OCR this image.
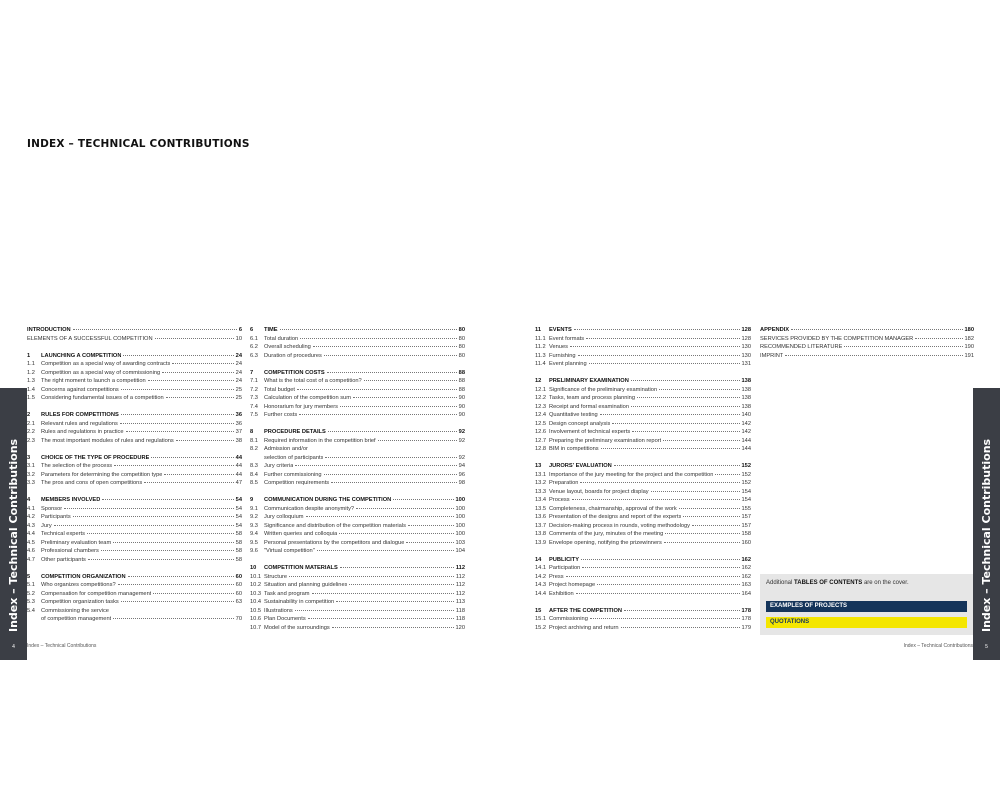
INDEX – TECHNICAL CONTRIBUTIONS
INTRODUCTION	6
ELEMENTS OF A SUCCESSFUL COMPETITION	10
1	LAUNCHING A COMPETITION	24
1.1	Competition as a special way of awarding contracts	24
1.2	Competition as a special way of commissioning	24
1.3	The right moment to launch a competition	24
1.4	Concerns against competitions	25
1.5	Considering fundamental issues of a competition	25
2	RULES FOR COMPETITIONS	36
2.1	Relevant rules and regulations	36
2.2	Rules and regulations in practice	37
2.3	The most important modules of rules and regulations	38
3	CHOICE OF THE TYPE OF PROCEDURE	44
3.1	The selection of the process	44
3.2	Parameters for determining the competition type	44
3.3	The pros and cons of open competitions	47
4	MEMBERS INVOLVED	54
4.1	Sponsor	54
4.2	Participants	54
4.3	Jury	54
4.4	Technical experts	58
4.5	Preliminary evaluation team	58
4.6	Professional chambers	58
4.7	Other participants	58
5	COMPETITION ORGANIZATION	60
5.1	Who organizes competitions?	60
5.2	Compensation for competition management	60
5.3	Competition organization tasks	63
5.4	Commissioning the service
of competition management	70
6	TIME	80
6.1	Total duration	80
6.2	Overall scheduling	80
6.3	Duration of procedures	80
7	COMPETITION COSTS	88
7.1	What is the total cost of a competition?	88
7.2	Total budget	88
7.3	Calculation of the competition sum	90
7.4	Honorarium for jury members	90
7.5	Further costs	90
8	PROCEDURE DETAILS	92
8.1	Required information in the competition brief	92
8.2	Admission and/or
selection of participants	92
8.3	Jury criteria	94
8.4	Further commissioning	96
8.5	Competition requirements	98
9	COMMUNICATION DURING THE COMPETITION	100
9.1	Communication despite anonymity?	100
9.2	Jury colloquium	100
9.3	Significance and distribution of the competition materials	100
9.4	Written queries and colloquia	100
9.5	Personal presentations by the competitors and dialogue	103
9.6	"Virtual competition"	104
10	COMPETITION MATERIALS	112
10.1 Structure	112
10.2 Situation and planning guidelines	112
10.3 Task and program	112
10.4 Sustainability in competition	113
10.5 Illustrations	118
10.6 Plan Documents	118
10.7 Model of the surroundings	120
11	EVENTS	128
11.1 Event formats	128
11.2 Venues	130
11.3 Furnishing	130
11.4 Event planning	131
12	PRELIMINARY EXAMINATION	138
12.1 Significance of the preliminary examination	138
12.2 Tasks, team and process planning	138
12.3 Receipt and formal examination	138
12.4 Quantitative testing	140
12.5 Design concept analysis	142
12.6 Involvement of technical experts	142
12.7 Preparing the preliminary examination report	144
12.8 BIM in competitions	144
13	JURORS' EVALUATION	152
13.1 Importance of the jury meeting for the project and the competition	152
13.2 Preparation	152
13.3 Venue layout, boards for project display	154
13.4 Process	154
13.5 Completeness, chairmanship, approval of the work	155
13.6 Presentation of the designs and report of the experts	157
13.7 Decision-making process in rounds, voting methodology	157
13.8 Comments of the jury, minutes of the meeting	158
13.9 Envelope opening, notifying the prizewinners	160
14	PUBLICITY	162
14.1 Participation	162
14.2 Press	162
14.3 Project homepage	163
14.4 Exhibition	164
15	AFTER THE COMPETITION	178
15.1 Commissioning	178
15.2 Project archiving and return	179
APPENDIX	180
SERVICES PROVIDED BY THE COMPETITION MANAGER	182
RECOMMENDED LITERATURE	190
IMPRINT	191
Index – Technical Contributions
4
Index – Technical Contributions
5
Index – Technical Contributions	Index – Technical Contributions
Additional TABLES OF CONTENTS are on the cover.
EXAMPLES OF PROJECTS
QUOTATIONS
